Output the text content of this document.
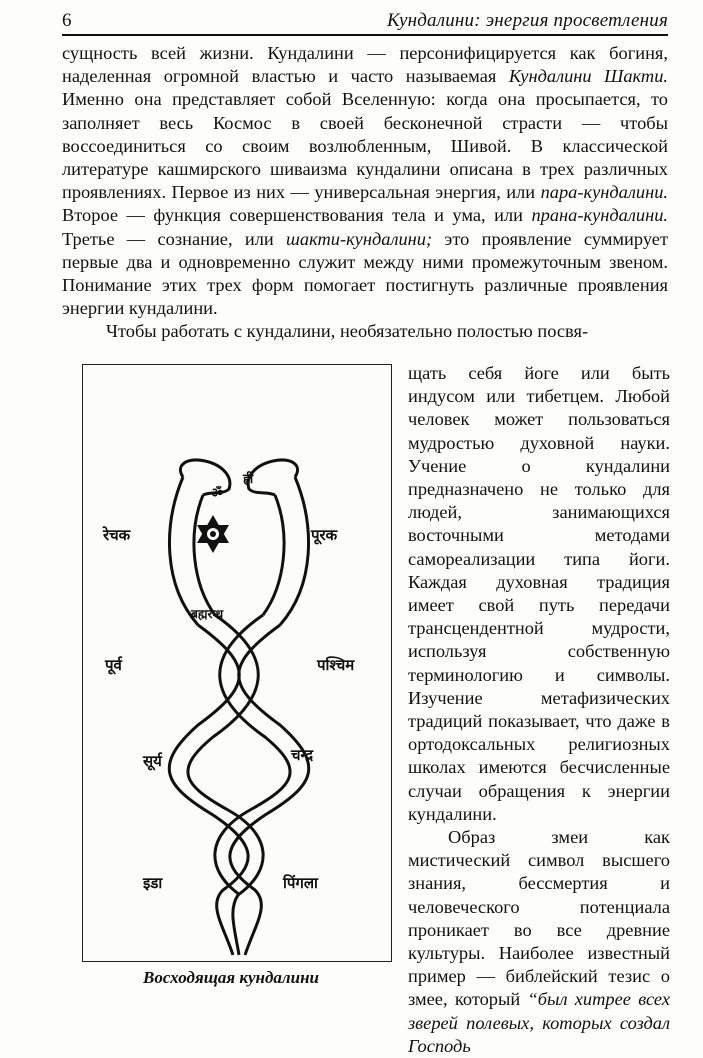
6	Кундалини: энергия просветления

сущность всей жизни. Кундалини — персонифицируется как богиня, наделенная огромной властью и часто называемая Кундалини Шакти. Именно она представляет собой Вселенную: когда она просыпается, то заполняет весь Космос в своей бесконечной страсти — чтобы воссоединиться со своим возлюбленным, Шивой. В классической литературе кашмирского шиваизма кундалини описана в трех различных проявлениях. Первое из них — универсальная энергия, или пара-кундалини. Второе — функция совершенствования тела и ума, или прана-кундалини. Третье — сознание, или шакти-кундалини; это проявление суммирует первые два и одновременно служит между ними промежуточным звеном. Понимание этих трех форм помогает постигнуть различные проявления энергии кундалини.

Чтобы работать с кундалини, необязательно полостью посвя-

रेचक	पूरक
ब्रह्मरन्ध्र
पूर्व	पश्चिम
सूर्य	चन्द्र
इडा	पिंगला
ॐ
ह्रीं
Восходящая кундалини

щать себя йоге или быть индусом или тибетцем. Любой человек может пользоваться мудростью духовной науки. Учение о кундалини предназначено не только для людей, занимающихся восточными методами самореализации типа йоги. Каждая духовная традиция имеет свой путь передачи трансцендентной мудрости, используя собственную терминологию и символы. Изучение метафизических традиций показывает, что даже в ортодоксальных религиозных школах имеются бесчисленные случаи обращения к энергии кундалини.

Образ змеи как мистический символ высшего знания, бессмертия и человеческого потенциала проникает во все древние культуры. Наиболее известный пример — библейский тезис о змее, который “был хитрее всех зверей полевых, которых создал Господь
